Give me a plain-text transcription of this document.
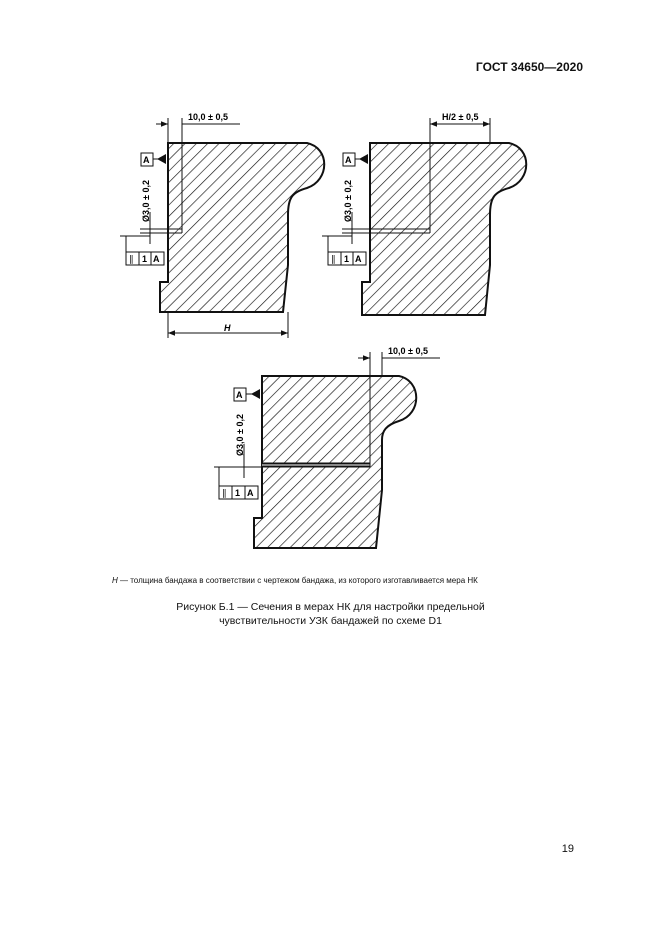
ГОСТ 34650—2020
10,0 ± 0,5
Ø3,0 ± 0,2
А
∥ 1 А
H
H/2 ± 0,5
Ø3,0 ± 0,2
А
∥ 1 А
10,0 ± 0,5
Ø3,0 ± 0,2
А
∥ 1 А
H — толщина бандажа в соответствии с чертежом бандажа, из которого изготавливается мера НК
Рисунок Б.1 — Сечения в мерах НК для настройки предельной
чувствительности УЗК бандажей по схеме D1
19
